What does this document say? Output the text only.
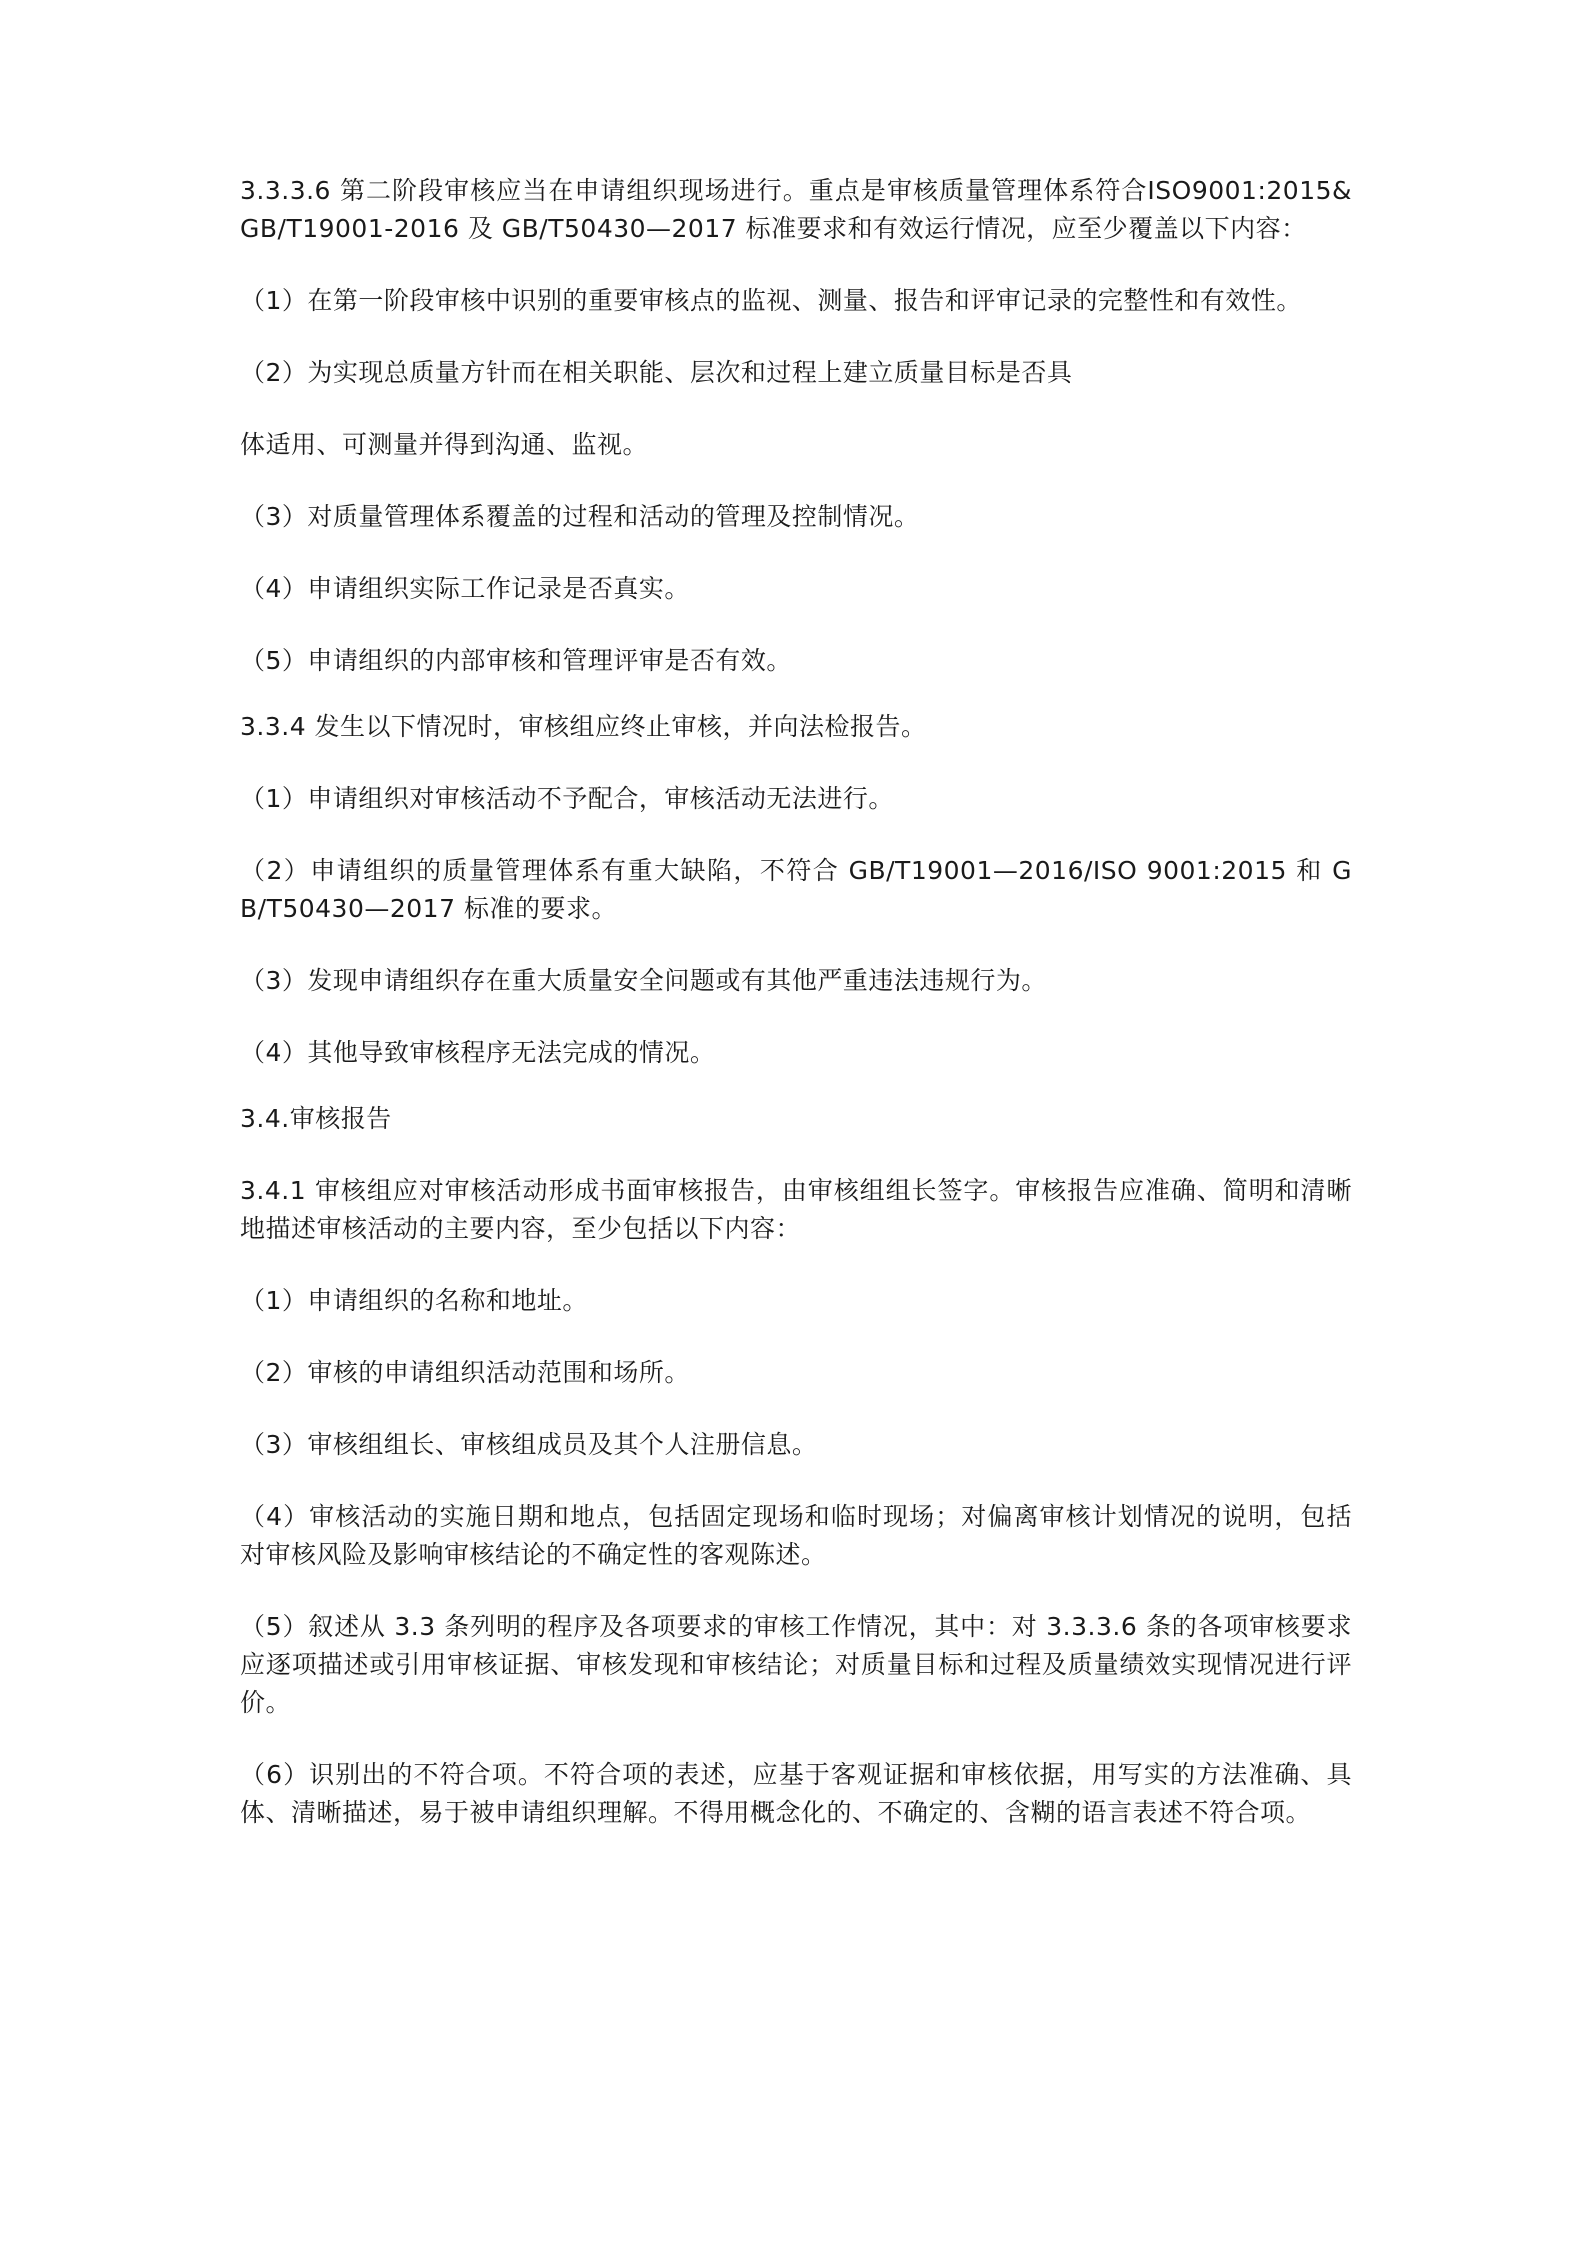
3.3.3.6 第二阶段审核应当在申请组织现场进行。重点是审核质量管理体系符合ISO9001:2015&GB/T19001-2016 及 GB/T50430—2017 标准要求和有效运行情况，应至少覆盖以下内容：

（1）在第一阶段审核中识别的重要审核点的监视、测量、报告和评审记录的完整性和有效性。

（2）为实现总质量方针而在相关职能、层次和过程上建立质量目标是否具

体适用、可测量并得到沟通、监视。

（3）对质量管理体系覆盖的过程和活动的管理及控制情况。

（4）申请组织实际工作记录是否真实。

（5）申请组织的内部审核和管理评审是否有效。

3.3.4 发生以下情况时，审核组应终止审核，并向法检报告。

（1）申请组织对审核活动不予配合，审核活动无法进行。

（2）申请组织的质量管理体系有重大缺陷，不符合 GB/T19001—2016/ISO 9001:2015 和 GB/T50430—2017 标准的要求。

（3）发现申请组织存在重大质量安全问题或有其他严重违法违规行为。

（4）其他导致审核程序无法完成的情况。

3.4.审核报告

3.4.1 审核组应对审核活动形成书面审核报告，由审核组组长签字。审核报告应准确、简明和清晰地描述审核活动的主要内容，至少包括以下内容：

（1）申请组织的名称和地址。

（2）审核的申请组织活动范围和场所。

（3）审核组组长、审核组成员及其个人注册信息。

（4）审核活动的实施日期和地点，包括固定现场和临时现场；对偏离审核计划情况的说明，包括对审核风险及影响审核结论的不确定性的客观陈述。

（5）叙述从 3.3 条列明的程序及各项要求的审核工作情况，其中：对 3.3.3.6 条的各项审核要求应逐项描述或引用审核证据、审核发现和审核结论；对质量目标和过程及质量绩效实现情况进行评价。

（6）识别出的不符合项。不符合项的表述，应基于客观证据和审核依据，用写实的方法准确、具体、清晰描述，易于被申请组织理解。不得用概念化的、不确定的、含糊的语言表述不符合项。
